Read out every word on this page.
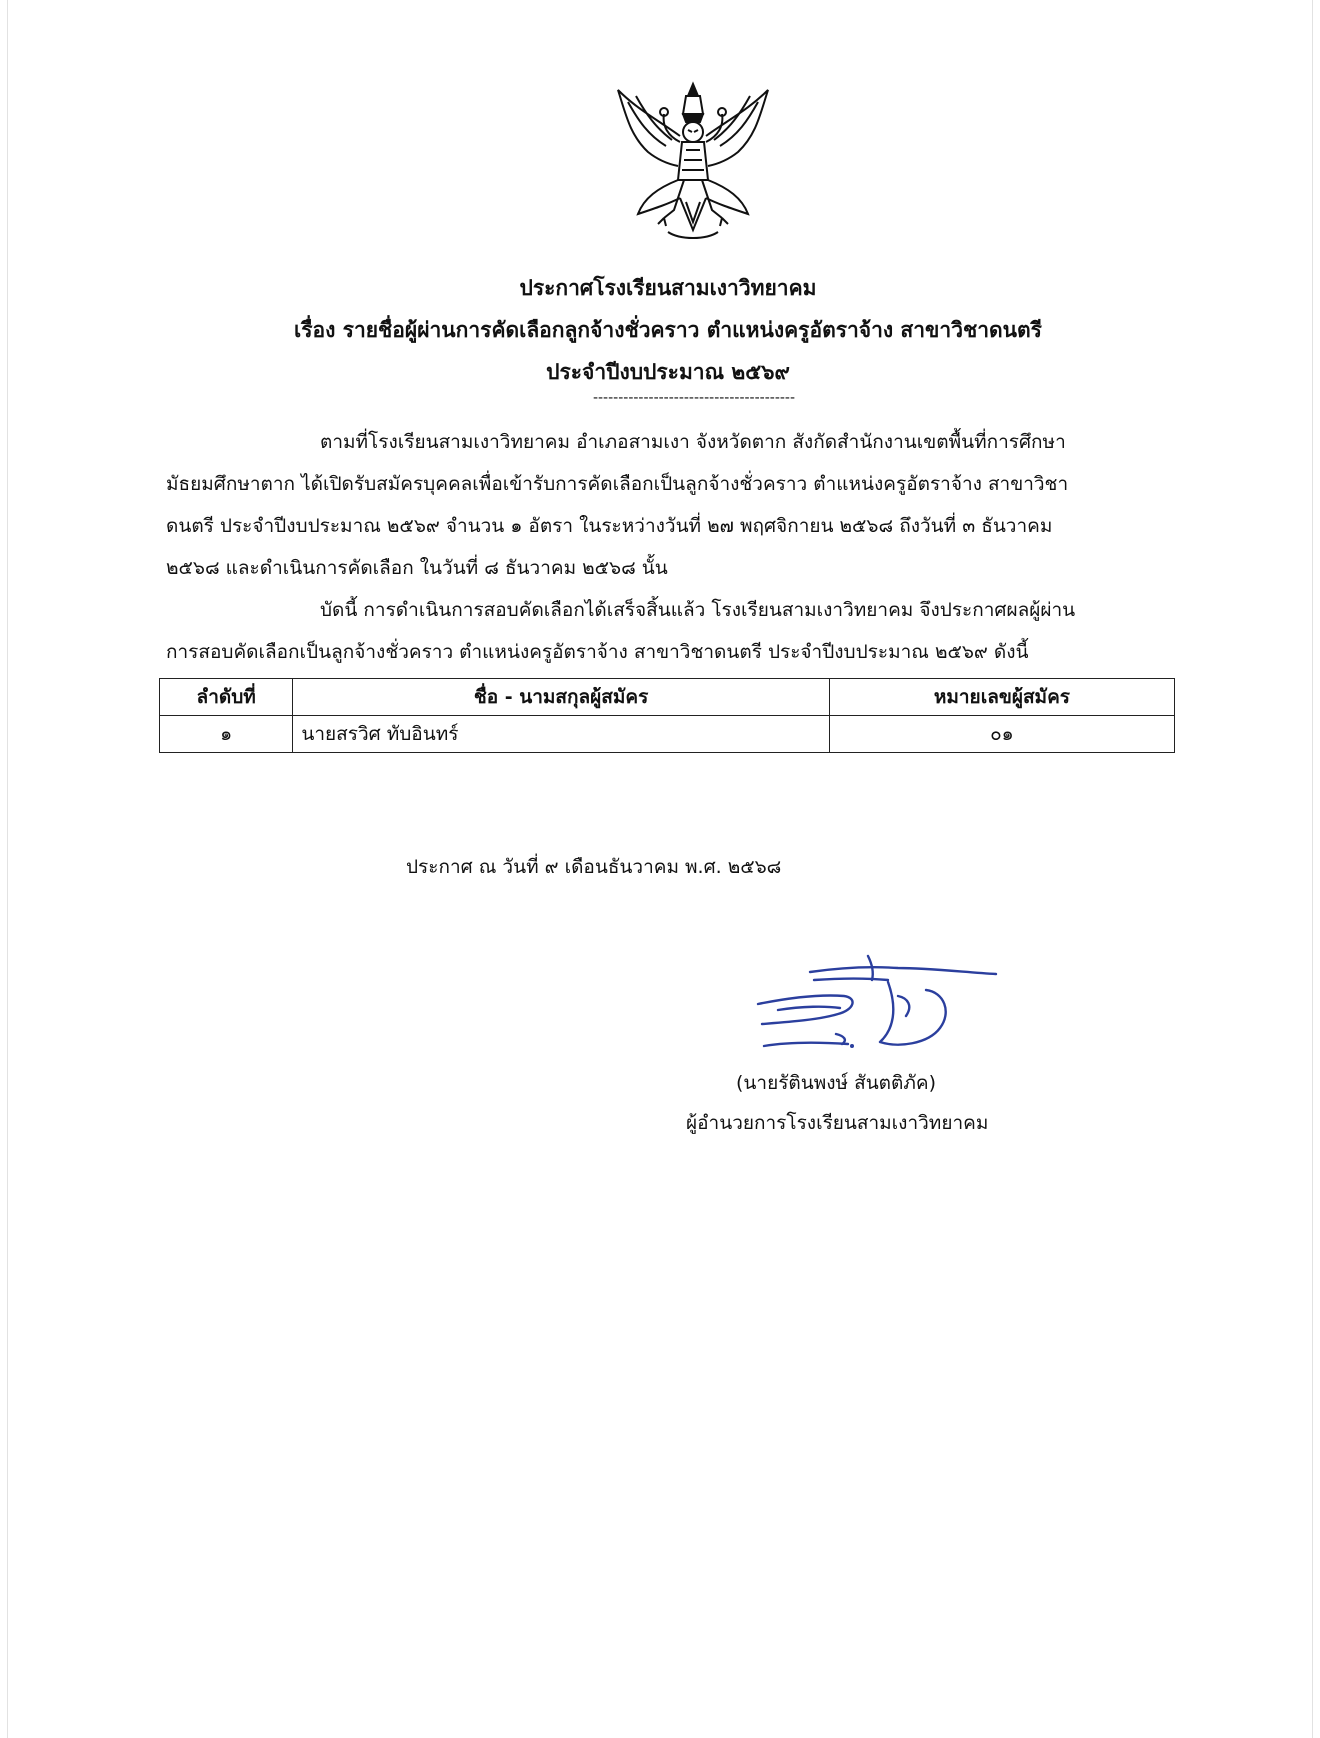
ประกาศโรงเรียนสามเงาวิทยาคม
เรื่อง รายชื่อผู้ผ่านการคัดเลือกลูกจ้างชั่วคราว ตำแหน่งครูอัตราจ้าง สาขาวิชาดนตรี
ประจำปีงบประมาณ ๒๕๖๙
----------------------------------------
ตามที่โรงเรียนสามเงาวิทยาคม อำเภอสามเงา จังหวัดตาก สังกัดสำนักงานเขตพื้นที่การศึกษา
มัธยมศึกษาตาก ได้เปิดรับสมัครบุคคลเพื่อเข้ารับการคัดเลือกเป็นลูกจ้างชั่วคราว ตำแหน่งครูอัตราจ้าง สาขาวิชา
ดนตรี ประจำปีงบประมาณ ๒๕๖๙ จำนวน ๑ อัตรา ในระหว่างวันที่ ๒๗ พฤศจิกายน ๒๕๖๘ ถึงวันที่ ๓ ธันวาคม
๒๕๖๘ และดำเนินการคัดเลือก ในวันที่ ๘ ธันวาคม ๒๕๖๘ นั้น
บัดนี้ การดำเนินการสอบคัดเลือกได้เสร็จสิ้นแล้ว โรงเรียนสามเงาวิทยาคม จึงประกาศผลผู้ผ่าน
การสอบคัดเลือกเป็นลูกจ้างชั่วคราว ตำแหน่งครูอัตราจ้าง สาขาวิชาดนตรี ประจำปีงบประมาณ ๒๕๖๙ ดังนี้
ลำดับที่	ชื่อ - นามสกุลผู้สมัคร	หมายเลขผู้สมัคร
๑	นายสรวิศ ทับอินทร์	๐๑
ประกาศ ณ วันที่ ๙ เดือนธันวาคม พ.ศ. ๒๕๖๘
(นายรัตินพงษ์ สันตติภัค)
ผู้อำนวยการโรงเรียนสามเงาวิทยาคม
